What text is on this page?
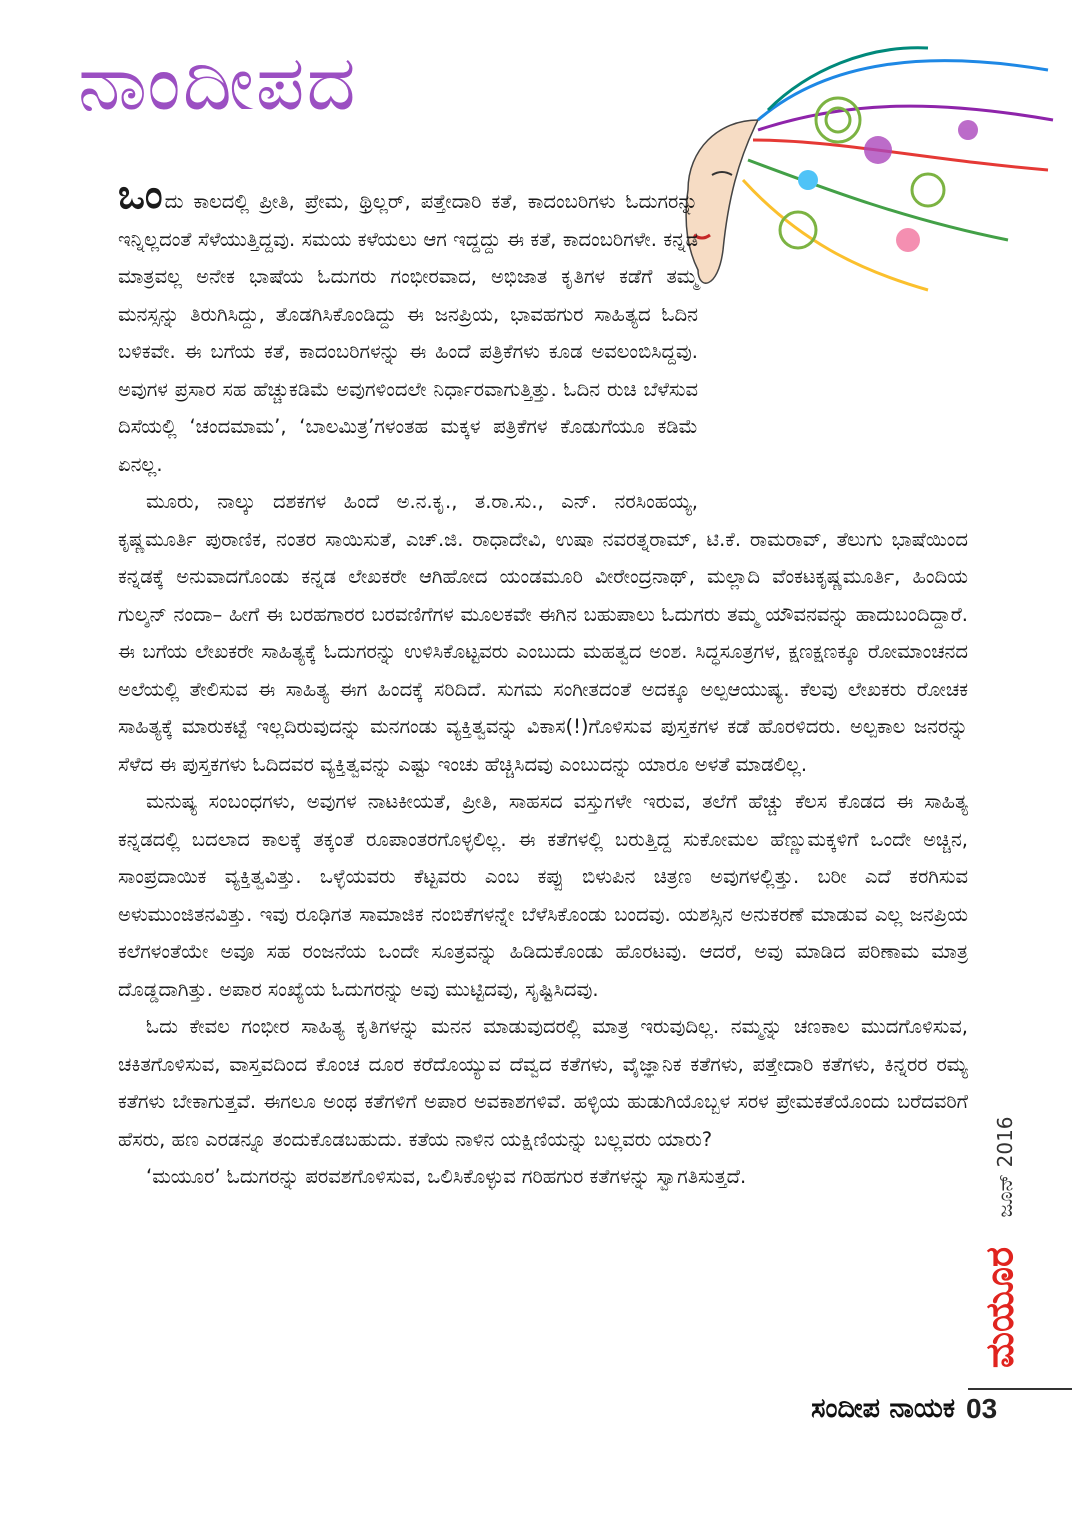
ನಾಂದೀಪದ

ಒಂದು ಕಾಲದಲ್ಲಿ ಪ್ರೀತಿ, ಪ್ರೇಮ, ಥ್ರಿಲ್ಲರ್, ಪತ್ತೇದಾರಿ ಕತೆ, ಕಾದಂಬರಿಗಳು ಓದುಗರನ್ನು ಇನ್ನಿಲ್ಲದಂತೆ ಸೆಳೆಯುತ್ತಿದ್ದವು. ಸಮಯ ಕಳೆಯಲು ಆಗ ಇದ್ದದ್ದು ಈ ಕತೆ, ಕಾದಂಬರಿಗಳೇ. ಕನ್ನಡ ಮಾತ್ರವಲ್ಲ ಅನೇಕ ಭಾಷೆಯ ಓದುಗರು ಗಂಭೀರವಾದ, ಅಭಿಜಾತ ಕೃತಿಗಳ ಕಡೆಗೆ ತಮ್ಮ ಮನಸ್ಸನ್ನು ತಿರುಗಿಸಿದ್ದು, ತೊಡಗಿಸಿಕೊಂಡಿದ್ದು ಈ ಜನಪ್ರಿಯ, ಭಾವಹಗುರ ಸಾಹಿತ್ಯದ ಓದಿನ ಬಳಿಕವೇ. ಈ ಬಗೆಯ ಕತೆ, ಕಾದಂಬರಿಗಳನ್ನು ಈ ಹಿಂದೆ ಪತ್ರಿಕೆಗಳು ಕೂಡ ಅವಲಂಬಿಸಿದ್ದವು. ಅವುಗಳ ಪ್ರಸಾರ ಸಹ ಹೆಚ್ಚುಕಡಿಮೆ ಅವುಗಳಿಂದಲೇ ನಿರ್ಧಾರವಾಗುತ್ತಿತ್ತು. ಓದಿನ ರುಚಿ ಬೆಳೆಸುವ ದಿಸೆಯಲ್ಲಿ ‘ಚಂದಮಾಮ’, ‘ಬಾಲಮಿತ್ರ’ಗಳಂತಹ ಮಕ್ಕಳ ಪತ್ರಿಕೆಗಳ ಕೊಡುಗೆಯೂ ಕಡಿಮೆ ಏನಲ್ಲ.

ಮೂರು, ನಾಲ್ಕು ದಶಕಗಳ ಹಿಂದೆ ಅ.ನ.ಕೃ., ತ.ರಾ.ಸು., ಎನ್. ನರಸಿಂಹಯ್ಯ, ಕೃಷ್ಣಮೂರ್ತಿ ಪುರಾಣಿಕ, ನಂತರ ಸಾಯಿಸುತೆ, ಎಚ್.ಜಿ. ರಾಧಾದೇವಿ, ಉಷಾ ನವರತ್ನರಾಮ್, ಟಿ.ಕೆ. ರಾಮರಾವ್, ತೆಲುಗು ಭಾಷೆಯಿಂದ ಕನ್ನಡಕ್ಕೆ ಅನುವಾದಗೊಂಡು ಕನ್ನಡ ಲೇಖಕರೇ ಆಗಿಹೋದ ಯಂಡಮೂರಿ ವೀರೇಂದ್ರನಾಥ್, ಮಲ್ಲಾದಿ ವೆಂಕಟಕೃಷ್ಣಮೂರ್ತಿ, ಹಿಂದಿಯ ಗುಲ್ಶನ್ ನಂದಾ– ಹೀಗೆ ಈ ಬರಹಗಾರರ ಬರವಣಿಗೆಗಳ ಮೂಲಕವೇ ಈಗಿನ ಬಹುಪಾಲು ಓದುಗರು ತಮ್ಮ ಯೌವನವನ್ನು ಹಾದುಬಂದಿದ್ದಾರೆ. ಈ ಬಗೆಯ ಲೇಖಕರೇ ಸಾಹಿತ್ಯಕ್ಕೆ ಓದುಗರನ್ನು ಉಳಿಸಿಕೊಟ್ಟವರು ಎಂಬುದು ಮಹತ್ವದ ಅಂಶ. ಸಿದ್ಧಸೂತ್ರಗಳ, ಕ್ಷಣಕ್ಷಣಕ್ಕೂ ರೋಮಾಂಚನದ ಅಲೆಯಲ್ಲಿ ತೇಲಿಸುವ ಈ ಸಾಹಿತ್ಯ ಈಗ ಹಿಂದಕ್ಕೆ ಸರಿದಿದೆ. ಸುಗಮ ಸಂಗೀತದಂತೆ ಅದಕ್ಕೂ ಅಲ್ಪಆಯುಷ್ಯ. ಕೆಲವು ಲೇಖಕರು ರೋಚಕ ಸಾಹಿತ್ಯಕ್ಕೆ ಮಾರುಕಟ್ಟೆ ಇಲ್ಲದಿರುವುದನ್ನು ಮನಗಂಡು ವ್ಯಕ್ತಿತ್ವವನ್ನು ವಿಕಾಸ(!)ಗೊಳಿಸುವ ಪುಸ್ತಕಗಳ ಕಡೆ ಹೊರಳಿದರು. ಅಲ್ಪಕಾಲ ಜನರನ್ನು ಸೆಳೆದ ಈ ಪುಸ್ತಕಗಳು ಓದಿದವರ ವ್ಯಕ್ತಿತ್ವವನ್ನು ಎಷ್ಟು ಇಂಚು ಹೆಚ್ಚಿಸಿದವು ಎಂಬುದನ್ನು ಯಾರೂ ಅಳತೆ ಮಾಡಲಿಲ್ಲ.

ಮನುಷ್ಯ ಸಂಬಂಧಗಳು, ಅವುಗಳ ನಾಟಕೀಯತೆ, ಪ್ರೀತಿ, ಸಾಹಸದ ವಸ್ತುಗಳೇ ಇರುವ, ತಲೆಗೆ ಹೆಚ್ಚು ಕೆಲಸ ಕೊಡದ ಈ ಸಾಹಿತ್ಯ ಕನ್ನಡದಲ್ಲಿ ಬದಲಾದ ಕಾಲಕ್ಕೆ ತಕ್ಕಂತೆ ರೂಪಾಂತರಗೊಳ್ಳಲಿಲ್ಲ. ಈ ಕತೆಗಳಲ್ಲಿ ಬರುತ್ತಿದ್ದ ಸುಕೋಮಲ ಹೆಣ್ಣುಮಕ್ಕಳಿಗೆ ಒಂದೇ ಅಚ್ಚಿನ, ಸಾಂಪ್ರದಾಯಿಕ ವ್ಯಕ್ತಿತ್ವವಿತ್ತು. ಒಳ್ಳೆಯವರು ಕೆಟ್ಟವರು ಎಂಬ ಕಪ್ಪು ಬಿಳುಪಿನ ಚಿತ್ರಣ ಅವುಗಳಲ್ಲಿತ್ತು. ಬರೀ ಎದೆ ಕರಗಿಸುವ ಅಳುಮುಂಜಿತನವಿತ್ತು. ಇವು ರೂಢಿಗತ ಸಾಮಾಜಿಕ ನಂಬಿಕೆಗಳನ್ನೇ ಬೆಳೆಸಿಕೊಂಡು ಬಂದವು. ಯಶಸ್ಸಿನ ಅನುಕರಣೆ ಮಾಡುವ ಎಲ್ಲ ಜನಪ್ರಿಯ ಕಲೆಗಳಂತೆಯೇ ಅವೂ ಸಹ ರಂಜನೆಯ ಒಂದೇ ಸೂತ್ರವನ್ನು ಹಿಡಿದುಕೊಂಡು ಹೊರಟವು. ಆದರೆ, ಅವು ಮಾಡಿದ ಪರಿಣಾಮ ಮಾತ್ರ ದೊಡ್ಡದಾಗಿತ್ತು. ಅಪಾರ ಸಂಖ್ಯೆಯ ಓದುಗರನ್ನು ಅವು ಮುಟ್ಟಿದವು, ಸೃಷ್ಟಿಸಿದವು.

ಓದು ಕೇವಲ ಗಂಭೀರ ಸಾಹಿತ್ಯ ಕೃತಿಗಳನ್ನು ಮನನ ಮಾಡುವುದರಲ್ಲಿ ಮಾತ್ರ ಇರುವುದಿಲ್ಲ. ನಮ್ಮನ್ನು ಚಣಕಾಲ ಮುದಗೊಳಿಸುವ, ಚಕಿತಗೊಳಿಸುವ, ವಾಸ್ತವದಿಂದ ಕೊಂಚ ದೂರ ಕರೆದೊಯ್ಯುವ ದೆವ್ವದ ಕತೆಗಳು, ವೈಜ್ಞಾನಿಕ ಕತೆಗಳು, ಪತ್ತೇದಾರಿ ಕತೆಗಳು, ಕಿನ್ನರರ ರಮ್ಯ ಕತೆಗಳು ಬೇಕಾಗುತ್ತವೆ. ಈಗಲೂ ಅಂಥ ಕತೆಗಳಿಗೆ ಅಪಾರ ಅವಕಾಶಗಳಿವೆ. ಹಳ್ಳಿಯ ಹುಡುಗಿಯೊಬ್ಬಳ ಸರಳ ಪ್ರೇಮಕತೆಯೊಂದು ಬರೆದವರಿಗೆ ಹೆಸರು, ಹಣ ಎರಡನ್ನೂ ತಂದುಕೊಡಬಹುದು. ಕತೆಯ ನಾಳಿನ ಯಕ್ಷಿಣಿಯನ್ನು ಬಲ್ಲವರು ಯಾರು?

‘ಮಯೂರ’ ಓದುಗರನ್ನು ಪರವಶಗೊಳಿಸುವ, ಒಲಿಸಿಕೊಳ್ಳುವ ಗರಿಹಗುರ ಕತೆಗಳನ್ನು ಸ್ವಾಗತಿಸುತ್ತದೆ.	ಜೂನ್ 2016
ಮಯೂರ
ಸಂದೀಪ ನಾಯಕ 03
